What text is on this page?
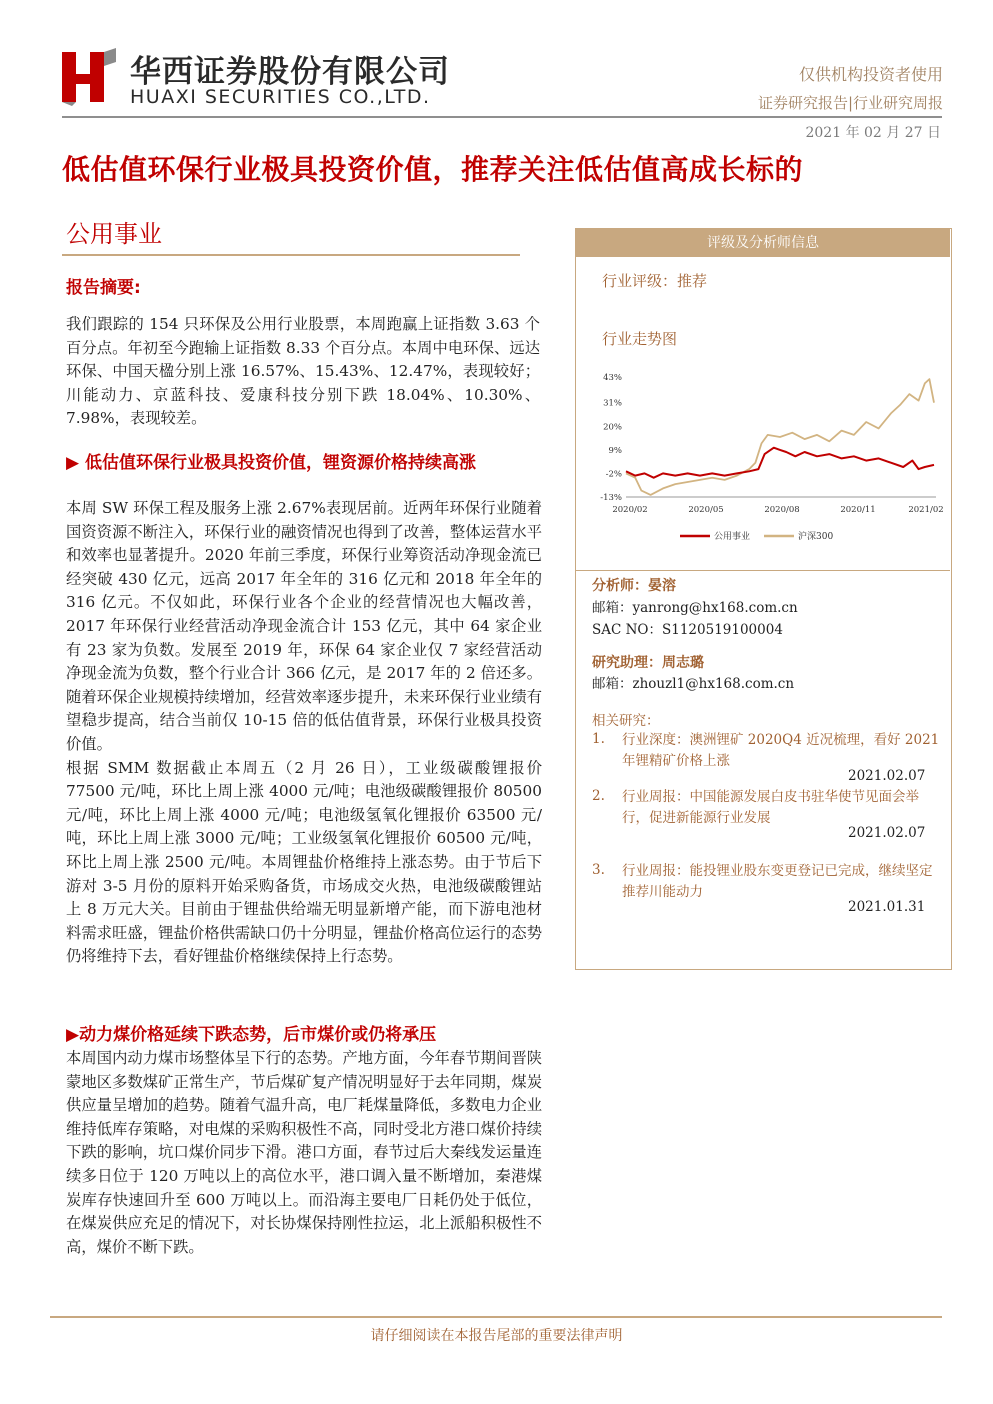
华西证券股份有限公司
HUAXI SECURITIES CO.,LTD.
仅供机构投资者使用
证券研究报告|行业研究周报
2021 年 02 月 27 日
低估值环保行业极具投资价值，推荐关注低估值高成长标的
公用事业
报告摘要:

我们跟踪的 154 只环保及公用行业股票，本周跑赢上证指数 3.63 个百分点。年初至今跑输上证指数 8.33 个百分点。本周中电环保、远达环保、中国天楹分别上涨 16.57%、15.43%、12.47%，表现较好；川能动力、京蓝科技、爱康科技分别下跌 18.04%、10.30%、7.98%，表现较差。

▶ 低估值环保行业极具投资价值，锂资源价格持续高涨

本周 SW 环保工程及服务上涨 2.67%表现居前。近两年环保行业随着国资资源不断注入，环保行业的融资情况也得到了改善，整体运营水平和效率也显著提升。2020 年前三季度，环保行业筹资活动净现金流已经突破 430 亿元，远高 2017 年全年的 316 亿元和 2018 年全年的 316 亿元。不仅如此，环保行业各个企业的经营情况也大幅改善，2017 年环保行业经营活动净现金流合计 153 亿元，其中 64 家企业有 23 家为负数。发展至 2019 年，环保 64 家企业仅 7 家经营活动净现金流为负数，整个行业合计 366 亿元，是 2017 年的 2 倍还多。随着环保企业规模持续增加，经营效率逐步提升，未来环保行业业绩有望稳步提高，结合当前仅 10-15 倍的低估值背景，环保行业极具投资价值。

根据 SMM 数据截止本周五（2 月 26 日），工业级碳酸锂报价 77500 元/吨，环比上周上涨 4000 元/吨；电池级碳酸锂报价 80500 元/吨，环比上周上涨 4000 元/吨；电池级氢氧化锂报价 63500 元/吨，环比上周上涨 3000 元/吨；工业级氢氧化锂报价 60500 元/吨，环比上周上涨 2500 元/吨。本周锂盐价格维持上涨态势。由于节后下游对 3-5 月份的原料开始采购备货，市场成交火热，电池级碳酸锂站上 8 万元大关。目前由于锂盐供给端无明显新增产能，而下游电池材料需求旺盛，锂盐价格供需缺口仍十分明显，锂盐价格高位运行的态势仍将维持下去，看好锂盐价格继续保持上行态势。

▶动力煤价格延续下跌态势，后市煤价或仍将承压

本周国内动力煤市场整体呈下行的态势。产地方面，今年春节期间晋陕蒙地区多数煤矿正常生产，节后煤矿复产情况明显好于去年同期，煤炭供应量呈增加的趋势。随着气温升高，电厂耗煤量降低，多数电力企业维持低库存策略，对电煤的采购积极性不高，同时受北方港口煤价持续下跌的影响，坑口煤价同步下滑。港口方面，春节过后大秦线发运量连续多日位于 120 万吨以上的高位水平，港口调入量不断增加，秦港煤炭库存快速回升至 600 万吨以上。而沿海主要电厂日耗仍处于低位，在煤炭供应充足的情况下，对长协煤保持刚性拉运，北上派船积极性不高，煤价不断下跌。

评级及分析师信息
行业评级：推荐
行业走势图
43%
31%
20%
9%
-2%
-13%
2020/02	2020/05	2020/08	2020/11	2021/02
公用事业	沪深300
分析师：晏溶
邮箱：yanrong@hx168.com.cn
SAC NO：S1120519100004
研究助理：周志璐
邮箱：zhouzl1@hx168.com.cn
相关研究：
1. 行业深度：澳洲锂矿 2020Q4 近况梳理，看好 2021 年锂精矿价格上涨
2021.02.07
2. 行业周报：中国能源发展白皮书驻华使节见面会举行，促进新能源行业发展
2021.02.07
3. 行业周报：能投锂业股东变更登记已完成，继续坚定推荐川能动力
2021.01.31
请仔细阅读在本报告尾部的重要法律声明
